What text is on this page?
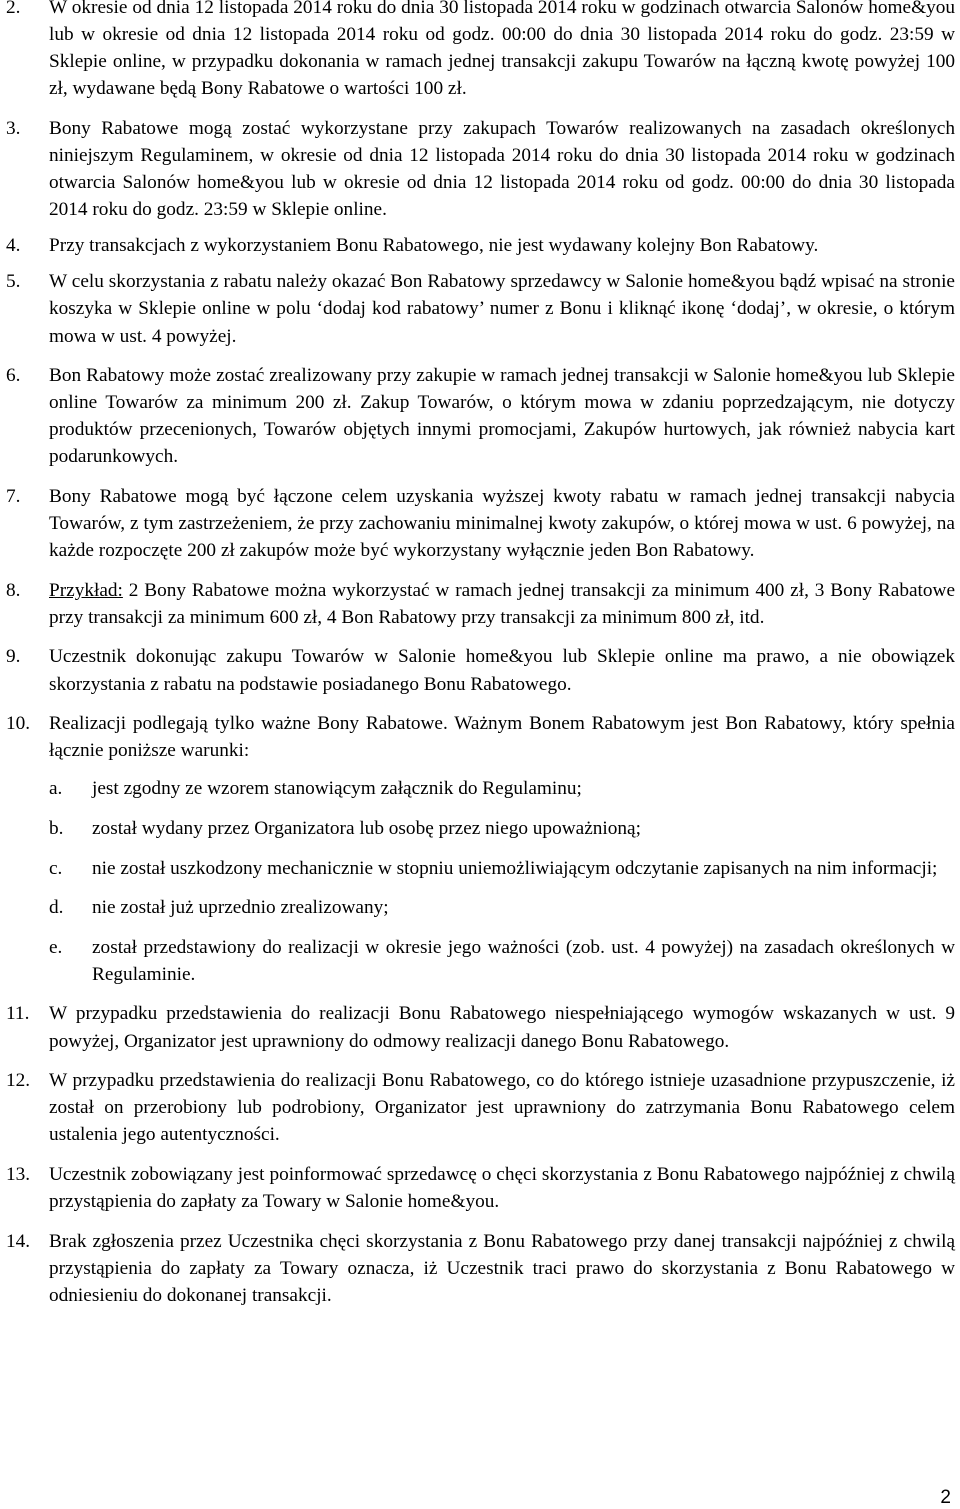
2. W okresie od dnia 12 listopada 2014 roku do dnia 30 listopada 2014 roku w godzinach otwarcia Salonów home&you lub w okresie od dnia 12 listopada 2014 roku od godz. 00:00 do dnia 30 listopada 2014 roku do godz. 23:59 w Sklepie online, w przypadku dokonania w ramach jednej transakcji zakupu Towarów na łączną kwotę powyżej 100 zł, wydawane będą Bony Rabatowe o wartości 100 zł.
3. Bony Rabatowe mogą zostać wykorzystane przy zakupach Towarów realizowanych na zasadach określonych niniejszym Regulaminem, w okresie od dnia 12 listopada 2014 roku do dnia 30 listopada 2014 roku w godzinach otwarcia Salonów home&you lub w okresie od dnia 12 listopada 2014 roku od godz. 00:00 do dnia 30 listopada 2014 roku do godz. 23:59 w Sklepie online.
4. Przy transakcjach z wykorzystaniem Bonu Rabatowego, nie jest wydawany kolejny Bon Rabatowy.
5. W celu skorzystania z rabatu należy okazać Bon Rabatowy sprzedawcy w Salonie home&you bądź wpisać na stronie koszyka w Sklepie online w polu ‘dodaj kod rabatowy’ numer z Bonu i kliknąć ikonę ‘dodaj’, w okresie, o którym mowa w ust. 4 powyżej.
6. Bon Rabatowy może zostać zrealizowany przy zakupie w ramach jednej transakcji w Salonie home&you lub Sklepie online Towarów za minimum 200 zł. Zakup Towarów, o którym mowa w zdaniu poprzedzającym, nie dotyczy produktów przecenionych, Towarów objętych innymi promocjami, Zakupów hurtowych, jak również nabycia kart podarunkowych.
7. Bony Rabatowe mogą być łączone celem uzyskania wyższej kwoty rabatu w ramach jednej transakcji nabycia Towarów, z tym zastrzeżeniem, że przy zachowaniu minimalnej kwoty zakupów, o której mowa w ust. 6 powyżej, na każde rozpoczęte 200 zł zakupów może być wykorzystany wyłącznie jeden Bon Rabatowy.
8. Przykład: 2 Bony Rabatowe można wykorzystać w ramach jednej transakcji za minimum 400 zł, 3 Bony Rabatowe przy transakcji za minimum 600 zł, 4 Bon Rabatowy przy transakcji za minimum 800 zł, itd.
9. Uczestnik dokonując zakupu Towarów w Salonie home&you lub Sklepie online ma prawo, a nie obowiązek skorzystania z rabatu na podstawie posiadanego Bonu Rabatowego.
10. Realizacji podlegają tylko ważne Bony Rabatowe. Ważnym Bonem Rabatowym jest Bon Rabatowy, który spełnia łącznie poniższe warunki:
a. jest zgodny ze wzorem stanowiącym załącznik do Regulaminu;
b. został wydany przez Organizatora lub osobę przez niego upoważnioną;
c. nie został uszkodzony mechanicznie w stopniu uniemożliwiającym odczytanie zapisanych na nim informacji;
d. nie został już uprzednio zrealizowany;
e. został przedstawiony do realizacji w okresie jego ważności (zob. ust. 4 powyżej) na zasadach określonych w Regulaminie.
11. W przypadku przedstawienia do realizacji Bonu Rabatowego niespełniającego wymogów wskazanych w ust. 9 powyżej, Organizator jest uprawniony do odmowy realizacji danego Bonu Rabatowego.
12. W przypadku przedstawienia do realizacji Bonu Rabatowego, co do którego istnieje uzasadnione przypuszczenie, iż został on przerobiony lub podrobiony, Organizator jest uprawniony do zatrzymania Bonu Rabatowego celem ustalenia jego autentyczności.
13. Uczestnik zobowiązany jest poinformować sprzedawcę o chęci skorzystania z Bonu Rabatowego najpóźniej z chwilą przystąpienia do zapłaty za Towary w Salonie home&you.
14. Brak zgłoszenia przez Uczestnika chęci skorzystania z Bonu Rabatowego przy danej transakcji najpóźniej z chwilą przystąpienia do zapłaty za Towary oznacza, iż Uczestnik traci prawo do skorzystania z Bonu Rabatowego w odniesieniu do dokonanej transakcji.
2
